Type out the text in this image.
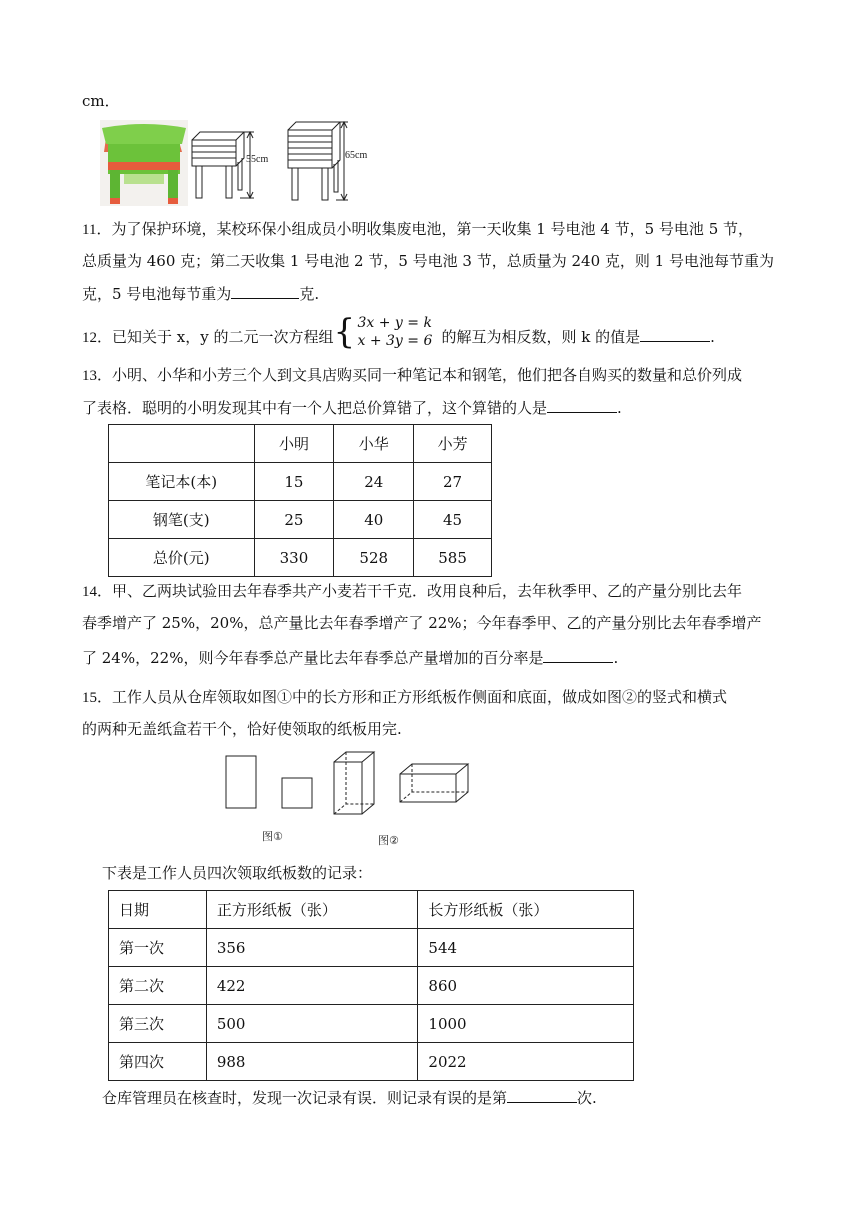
cm．
55cm	65cm
11．为了保护环境，某校环保小组成员小明收集废电池，第一天收集 1 号电池 4 节，5 号电池 5 节，
总质量为 460 克；第二天收集 1 号电池 2 节，5 号电池 3 节，总质量为 240 克，则 1 号电池每节重为
克，5 号电池每节重为	克.
12．已知关于 x，y 的二元一次方程组 { 3x + y = k
x + 3y = 6 的解互为相反数，则 k 的值是	.
13．小明、小华和小芳三个人到文具店购买同一种笔记本和钢笔，他们把各自购买的数量和总价列成
了表格．聪明的小明发现其中有一个人把总价算错了，这个算错的人是	.
	小明	小华	小芳
笔记本(本)	15	24	27
钢笔(支)	25	40	45
总价(元)	330	528	585
14．甲、乙两块试验田去年春季共产小麦若干千克．改用良种后，去年秋季甲、乙的产量分别比去年
春季增产了 25%，20%，总产量比去年春季增产了 22%；今年春季甲、乙的产量分别比去年春季增产
了 24%，22%，则今年春季总产量比去年春季总产量增加的百分率是	.
15．工作人员从仓库领取如图①中的长方形和正方形纸板作侧面和底面，做成如图②的竖式和横式
的两种无盖纸盒若干个，恰好使领取的纸板用完.
图①	图②
下表是工作人员四次领取纸板数的记录：
日期	正方形纸板（张）	长方形纸板（张）
第一次	356	544
第二次	422	860
第三次	500	1000
第四次	988	2022
仓库管理员在核查时，发现一次记录有误．则记录有误的是第	次.
